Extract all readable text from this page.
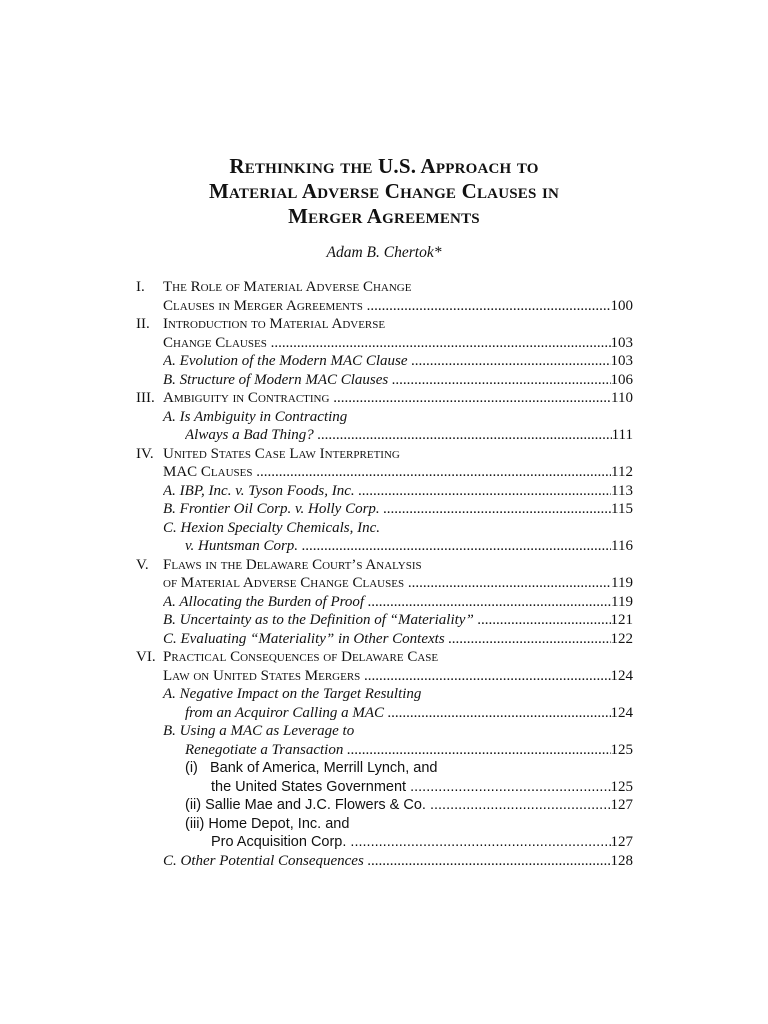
Rethinking the U.S. Approach to
Material Adverse Change Clauses in
Merger Agreements
Adam B. Chertok*
I.	The Role of Material Adverse Change
Clauses in Merger Agreements .....	100
II. Introduction to Material Adverse
Change Clauses .....	103
A. Evolution of the Modern MAC Clause .....	103
B. Structure of Modern MAC Clauses .....	106
III. Ambiguity in Contracting .....	110
A. Is Ambiguity in Contracting
Always a Bad Thing? .....	111
IV. United States Case Law Interpreting
MAC Clauses .....	112
A. IBP, Inc. v. Tyson Foods, Inc. .....	113
B. Frontier Oil Corp. v. Holly Corp. .....	115
C. Hexion Specialty Chemicals, Inc.
v. Huntsman Corp. .....	116
V. Flaws in the Delaware Court’s Analysis
of Material Adverse Change Clauses .....	119
A. Allocating the Burden of Proof .....	119
B. Uncertainty as to the Definition of “Materiality” .....	121
C. Evaluating “Materiality” in Other Contexts .....	122
VI. Practical Consequences of Delaware Case
Law on United States Mergers .....	124
A. Negative Impact on the Target Resulting
from an Acquiror Calling a MAC .....	124
B. Using a MAC as Leverage to
Renegotiate a Transaction .....	125
(i)   Bank of America, Merrill Lynch, and
the United States Government .....	125
(ii) Sallie Mae and J.C. Flowers & Co. .....	127
(iii) Home Depot, Inc. and
Pro Acquisition Corp. .....	127
C. Other Potential Consequences .....	128
